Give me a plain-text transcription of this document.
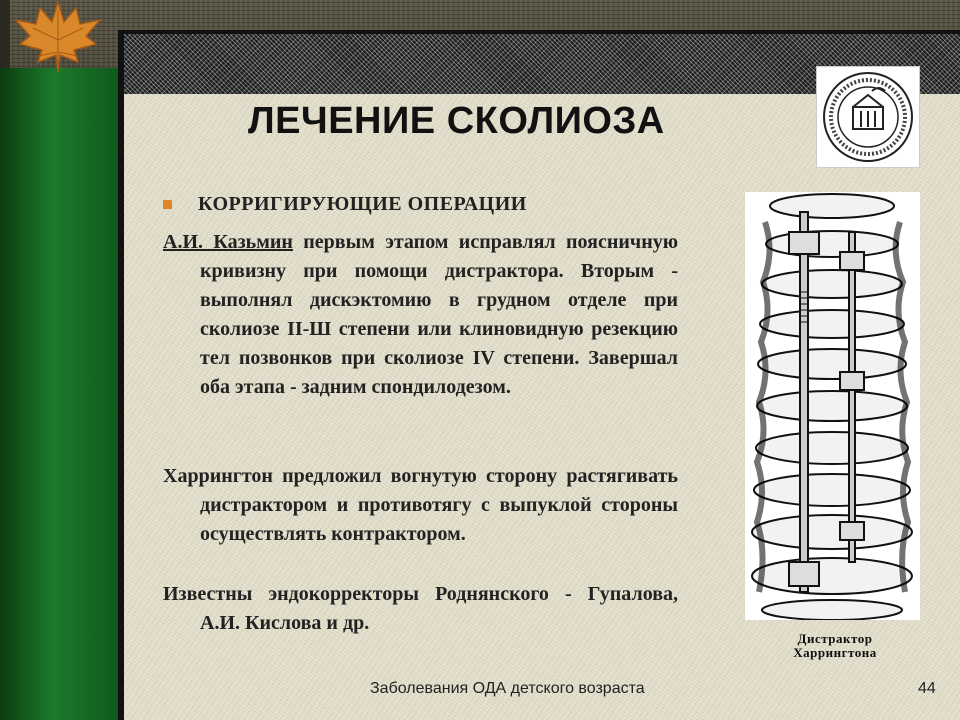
ЛЕЧЕНИЕ СКОЛИОЗА
КОРРИГИРУЮЩИЕ ОПЕРАЦИИ
А.И. Казьмин первым этапом исправлял поясничную кривизну при помощи дистрактора. Вторым - выполнял дискэктомию в грудном отделе при сколиозе II-Ш степени или клиновидную резекцию тел позвонков при сколиозе IV степени. Завершал оба этапа - задним спондилодезом.
Харрингтон предложил вогнутую сторону растягивать дистрактором и противотягу с выпуклой стороны осуществлять контрактором.
Известны эндокорректоры Роднянского - Гупалова, А.И. Кислова и др.
Дистрактор
Харрингтона
Заболевания ОДА детского возраста	44
